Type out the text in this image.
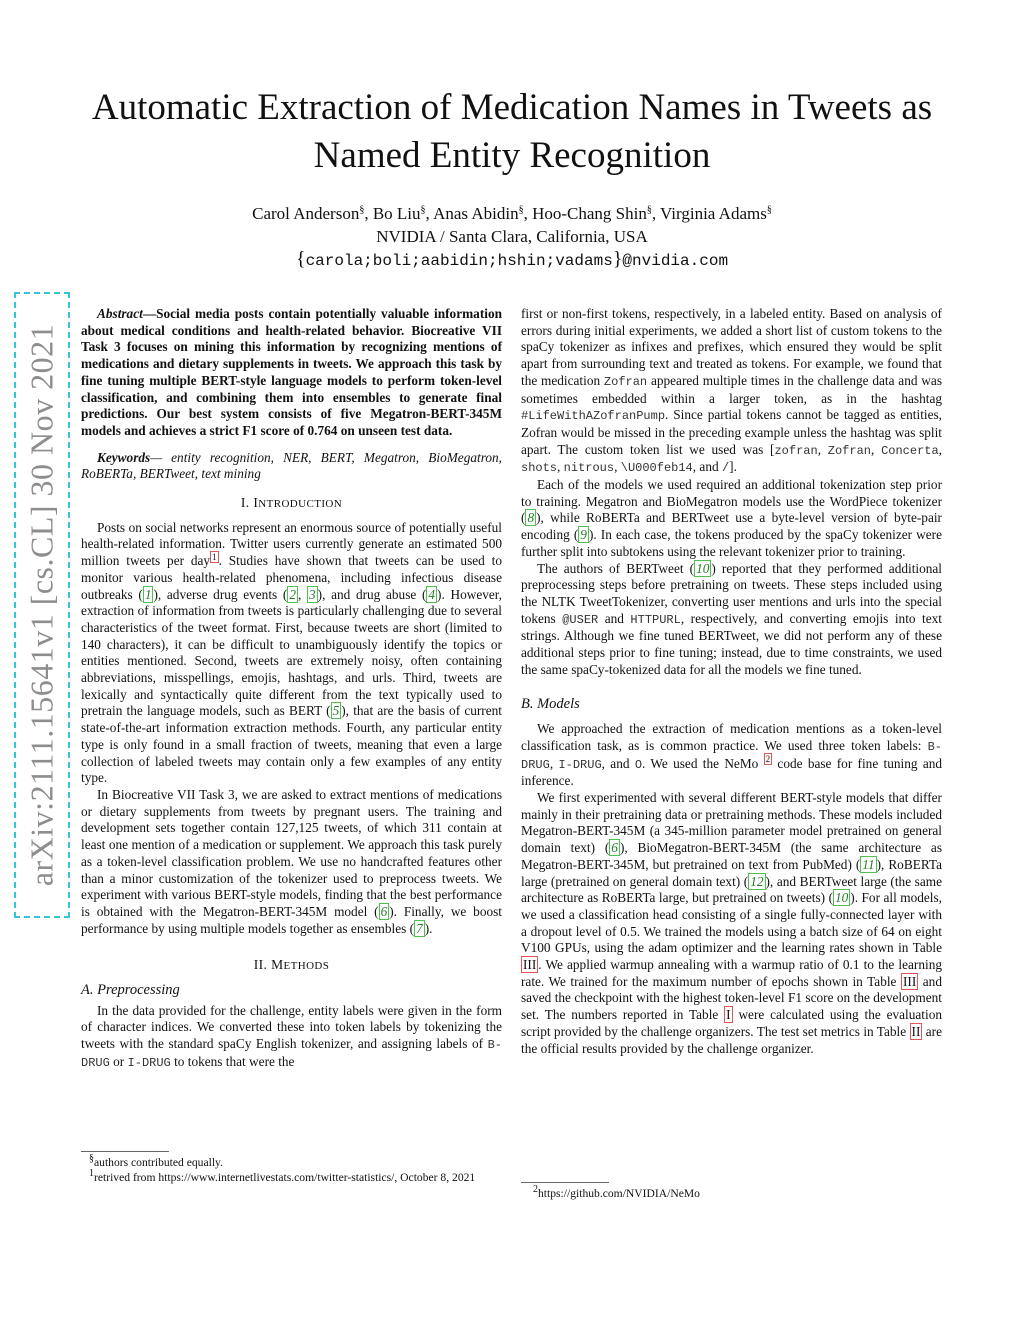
arXiv:2111.15641v1 [cs.CL] 30 Nov 2021
Automatic Extraction of Medication Names in Tweets as Named Entity Recognition
Carol Anderson§, Bo Liu§, Anas Abidin§, Hoo-Chang Shin§, Virginia Adams§
NVIDIA / Santa Clara, California, USA
{carola;boli;aabidin;hshin;vadams}@nvidia.com

Abstract—Social media posts contain potentially valuable information about medical conditions and health-related behavior. Biocreative VII Task 3 focuses on mining this information by recognizing mentions of medications and dietary supplements in tweets. We approach this task by fine tuning multiple BERT-style language models to perform token-level classification, and combining them into ensembles to generate final predictions. Our best system consists of five Megatron-BERT-345M models and achieves a strict F1 score of 0.764 on unseen test data.

Keywords— entity recognition, NER, BERT, Megatron, BioMegatron, RoBERTa, BERTweet, text mining

I. INTRODUCTION

Posts on social networks represent an enormous source of potentially useful health-related information. Twitter users currently generate an estimated 500 million tweets per day $^1$ . Studies have shown that tweets can be used to monitor various health-related phenomena, including infectious disease outbreaks ( 1 ), adverse drug events ( 2 , 3 ), and drug abuse ( 4 ). However, extraction of information from tweets is particularly challenging due to several characteristics of the tweet format. First, because tweets are short (limited to 140 characters), it can be difficult to unambiguously identify the topics or entities mentioned. Second, tweets are extremely noisy, often containing abbreviations, misspellings, emojis, hashtags, and urls. Third, tweets are lexically and syntactically quite different from the text typically used to pretrain the language models, such as BERT ( 5 ), that are the basis of current state-of-the-art information extraction methods. Fourth, any particular entity type is only found in a small fraction of tweets, meaning that even a large collection of labeled tweets may contain only a few examples of any entity type.

In Biocreative VII Task 3, we are asked to extract mentions of medications or dietary supplements from tweets by pregnant users. The training and development sets together contain 127,125 tweets, of which 311 contain at least one mention of a medication or supplement. We approach this task purely as a token-level classification problem. We use no handcrafted features other than a minor customization of the tokenizer used to preprocess tweets. We experiment with various BERT-style models, finding that the best performance is obtained with the Megatron-BERT-345M model ( 6 ). Finally, we boost performance by using multiple models together as ensembles ( 7 ).

II. METHODS

A. Preprocessing

In the data provided for the challenge, entity labels were given in the form of character indices. We converted these into token labels by tokenizing the tweets with the standard spaCy English tokenizer, and assigning labels of B-DRUG or I-DRUG to tokens that were the

§authors contributed equally.

$^1$retrived from https://www.internetlivestats.com/twitter-statistics/, October 8, 2021

first or non-first tokens, respectively, in a labeled entity. Based on analysis of errors during initial experiments, we added a short list of custom tokens to the spaCy tokenizer as infixes and prefixes, which ensured they would be split apart from surrounding text and treated as tokens. For example, we found that the medication Zofran appeared multiple times in the challenge data and was sometimes embedded within a larger token, as in the hashtag #LifeWithAZofranPump. Since partial tokens cannot be tagged as entities, Zofran would be missed in the preceding example unless the hashtag was split apart. The custom token list we used was [zofran, Zofran, Concerta, shots, nitrous, \U000feb14, and /].

Each of the models we used required an additional tokenization step prior to training. Megatron and BioMegatron models use the WordPiece tokenizer ( 8 ), while RoBERTa and BERTweet use a byte-level version of byte-pair encoding ( 9 ). In each case, the tokens produced by the spaCy tokenizer were further split into subtokens using the relevant tokenizer prior to training.

The authors of BERTweet ( 10 ) reported that they performed additional preprocessing steps before pretraining on tweets. These steps included using the NLTK TweetTokenizer, converting user mentions and urls into the special tokens @USER and HTTPURL, respectively, and converting emojis into text strings. Although we fine tuned BERTweet, we did not perform any of these additional steps prior to fine tuning; instead, due to time constraints, we used the same spaCy-tokenized data for all the models we fine tuned.

B. Models

We approached the extraction of medication mentions as a token-level classification task, as is common practice. We used three token labels: B-DRUG, I-DRUG, and O. We used the NeMo $^2$ code base for fine tuning and inference.

We first experimented with several different BERT-style models that differ mainly in their pretraining data or pretraining methods. These models included Megatron-BERT-345M (a 345-million parameter model pretrained on general domain text) ( 6 ), BioMegatron-BERT-345M (the same architecture as Megatron-BERT-345M, but pretrained on text from PubMed) ( 11 ), RoBERTa large (pretrained on general domain text) ( 12 ), and BERTweet large (the same architecture as RoBERTa large, but pretrained on tweets) ( 10 ). For all models, we used a classification head consisting of a single fully-connected layer with a dropout level of 0.5. We trained the models using a batch size of 64 on eight V100 GPUs, using the adam optimizer and the learning rates shown in Table III . We applied warmup annealing with a warmup ratio of 0.1 to the learning rate. We trained for the maximum number of epochs shown in Table III and saved the checkpoint with the highest token-level F1 score on the development set. The numbers reported in Table I were calculated using the evaluation script provided by the challenge organizers. The test set metrics in Table II are the official results provided by the challenge organizer.

$^2$https://github.com/NVIDIA/NeMo
